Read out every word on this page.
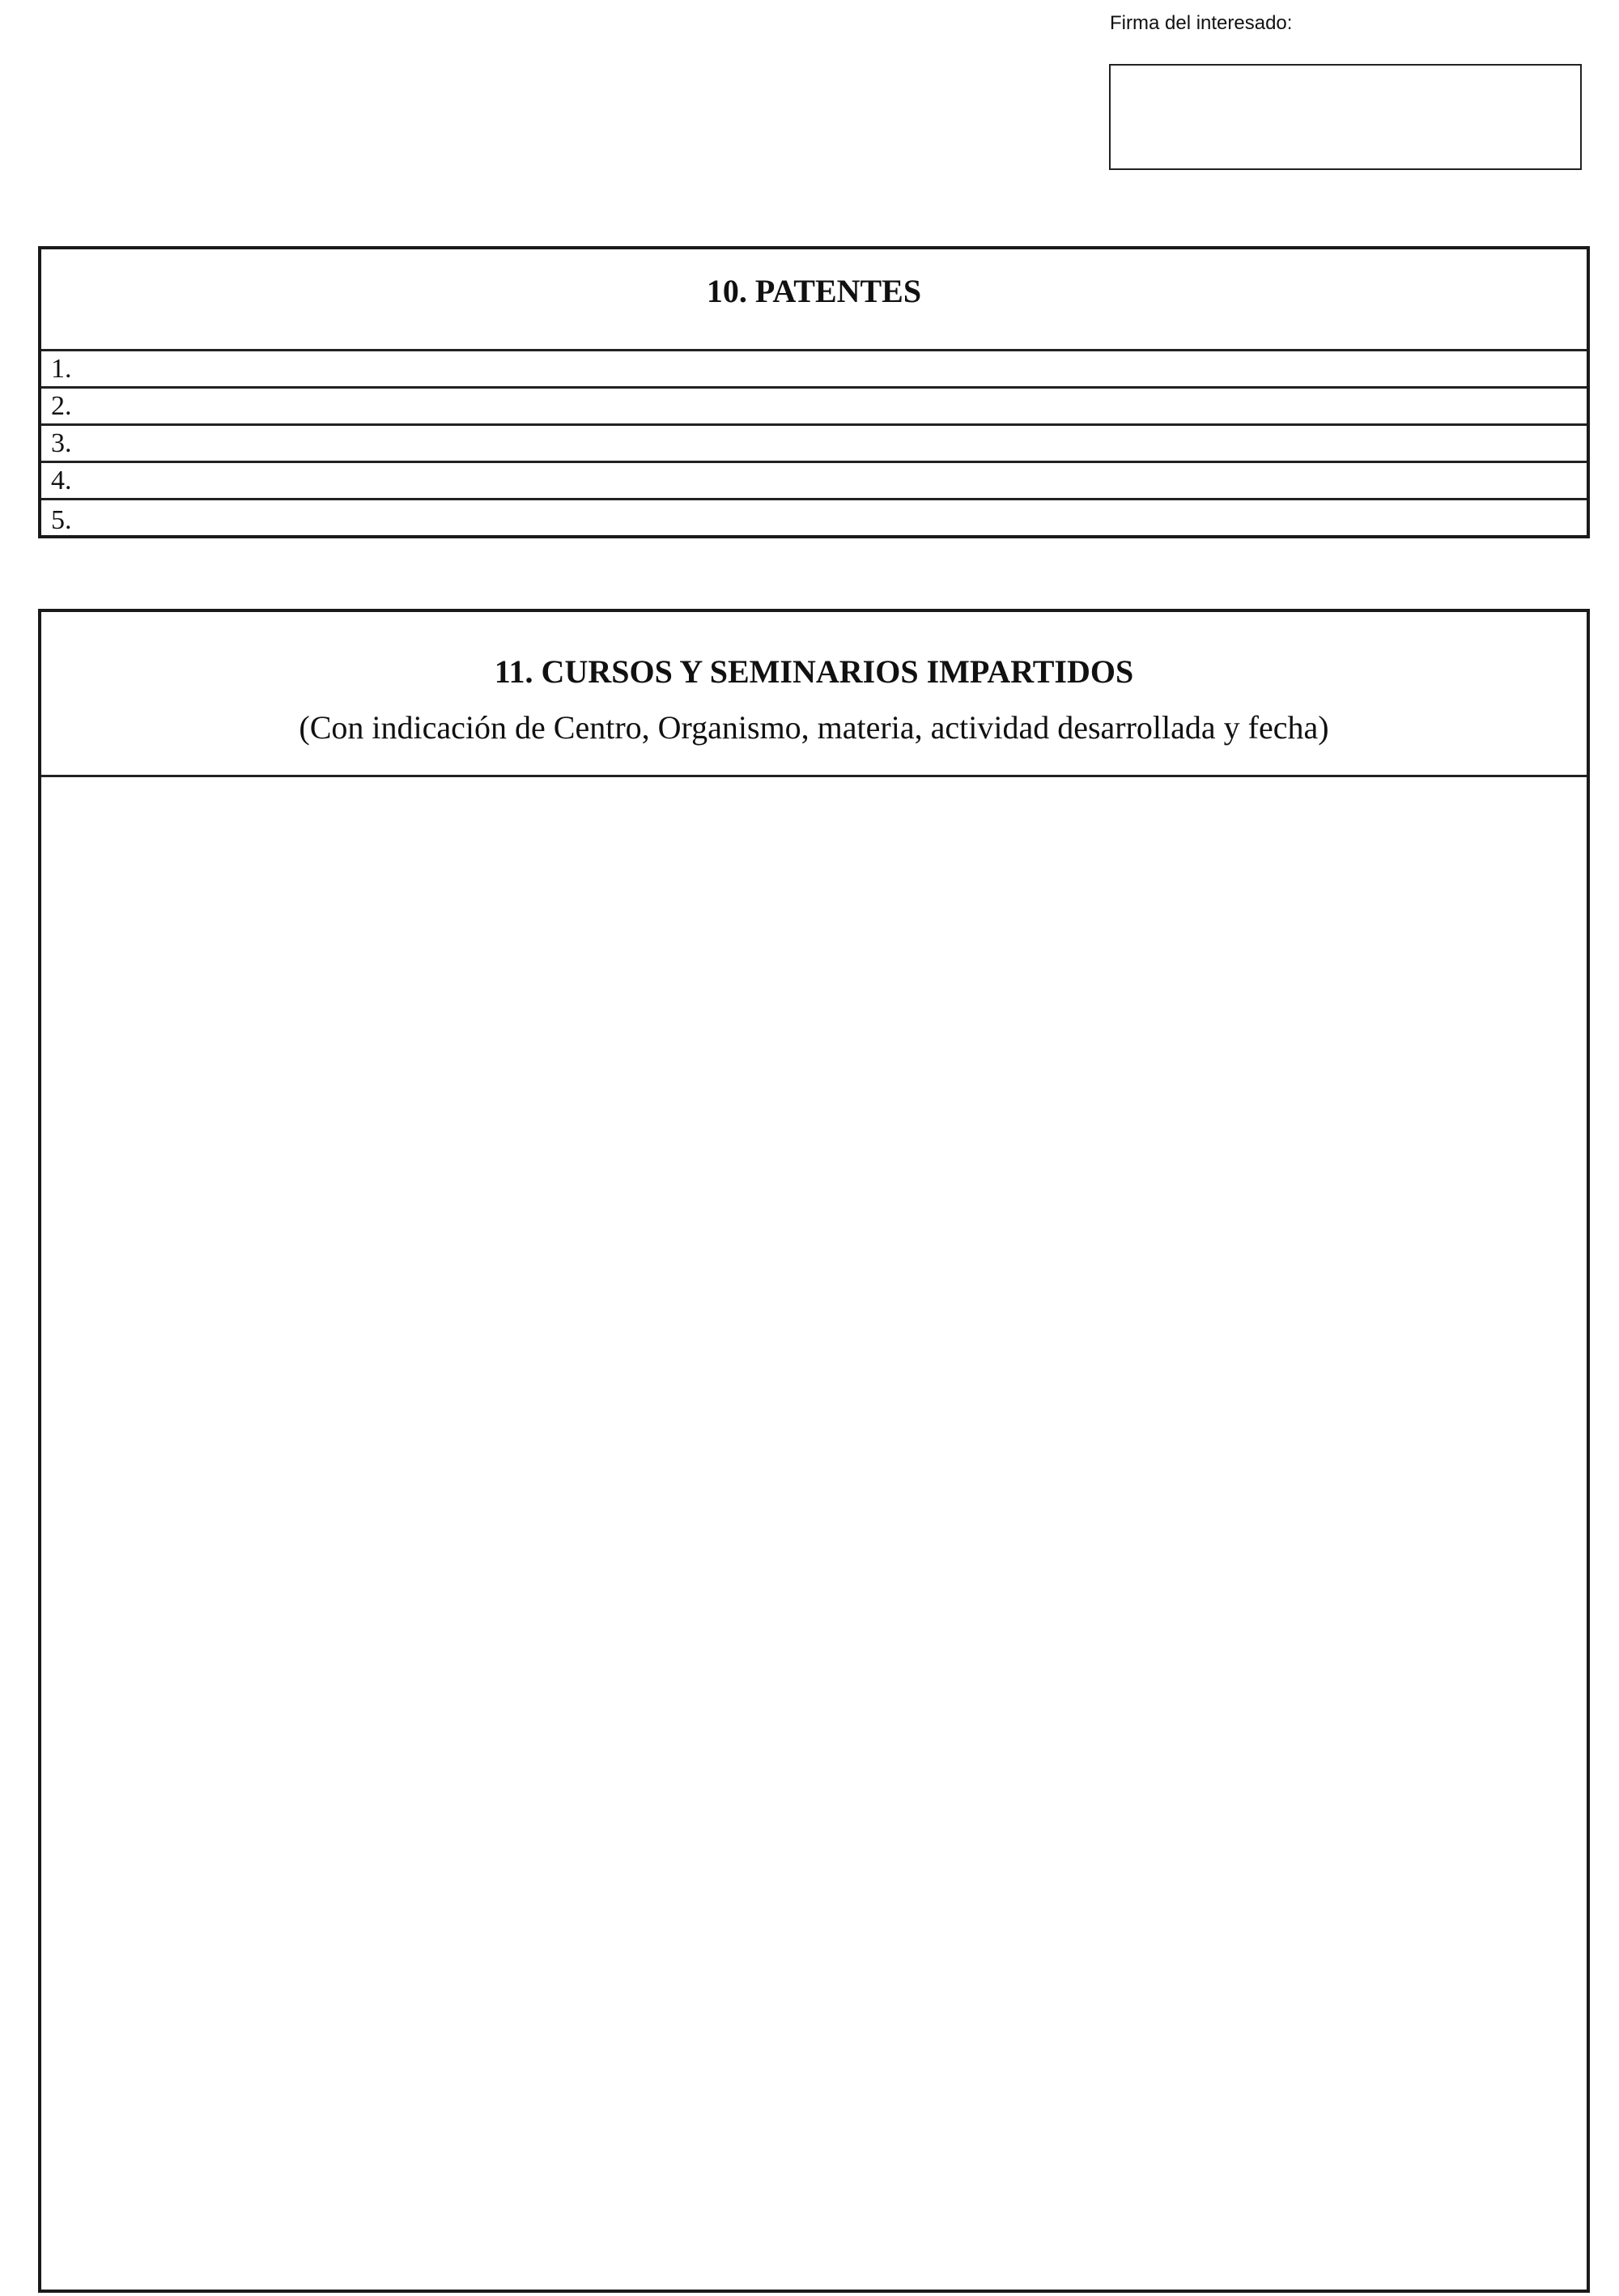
Firma del interesado:
10. PATENTES
1.
2.
3.
4.
5.
11. CURSOS Y SEMINARIOS IMPARTIDOS
(Con indicación de Centro, Organismo, materia, actividad desarrollada y fecha)
